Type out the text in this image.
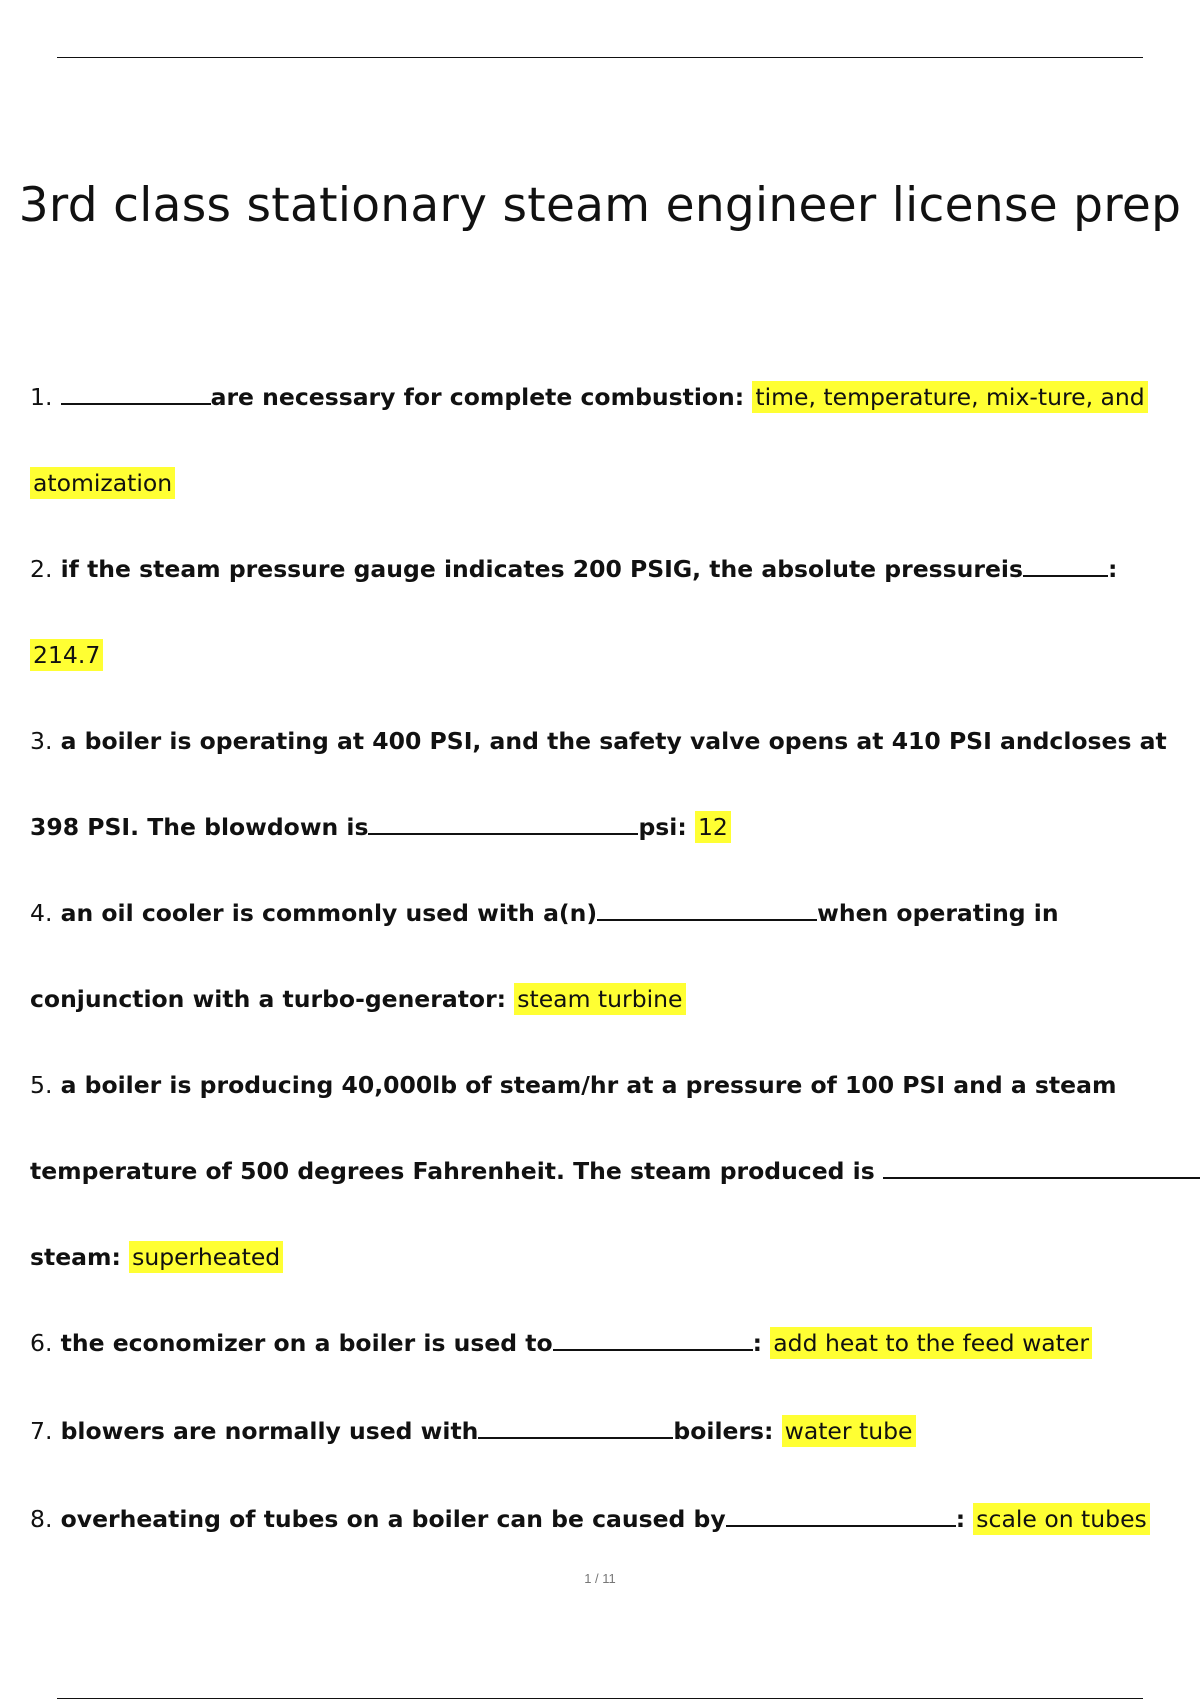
3rd class stationary steam engineer license prep
1.	are necessary for complete combustion: time, temperature, mix-ture, and
atomization
2. if the steam pressure gauge indicates 200 PSIG, the absolute pressureis	:
214.7
3. a boiler is operating at 400 PSI, and the safety valve opens at 410 PSI andcloses at
398 PSI. The blowdown is	psi: 12
4. an oil cooler is commonly used with a(n)	when operating in
conjunction with a turbo-generator: steam turbine
5. a boiler is producing 40,000lb of steam/hr at a pressure of 100 PSI and a steam
temperature of 500 degrees Fahrenheit. The steam produced is
steam: superheated
6. the economizer on a boiler is used to	: add heat to the feed water
7. blowers are normally used with	boilers: water tube
8. overheating of tubes on a boiler can be caused by	: scale on tubes
1 / 11
